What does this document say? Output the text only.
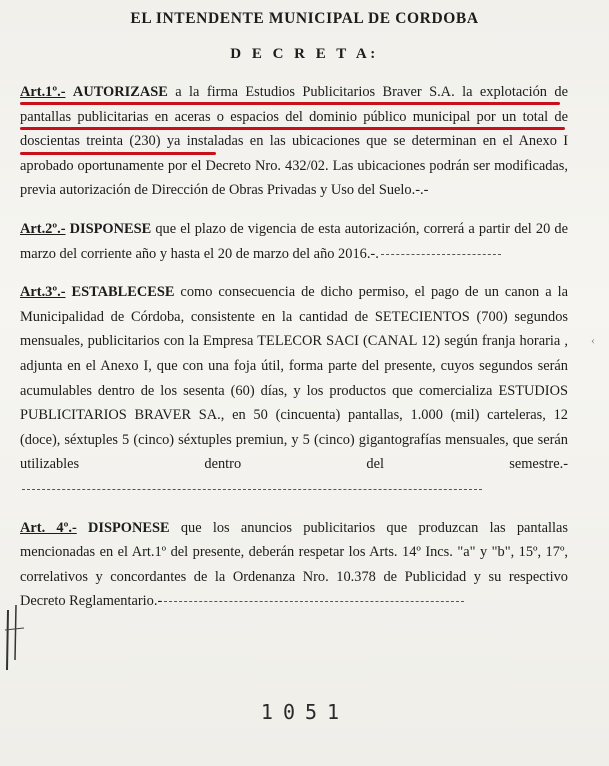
EL INTENDENTE MUNICIPAL DE CORDOBA
D E C R E T A:

Art.1º.- AUTORIZASE a la firma Estudios Publicitarios Braver S.A. la explotación de pantallas publicitarias en aceras o espacios del dominio público municipal por un total de doscientas treinta (230) ya instaladas en las ubicaciones que se determinan en el Anexo I aprobado oportunamente por el Decreto Nro. 432/02. Las ubicaciones podrán ser modificadas, previa autorización de Dirección de Obras Privadas y Uso del Suelo.-.-

Art.2º.- DISPONESE que el plazo de vigencia de esta autorización, correrá a partir del 20 de marzo del corriente año y hasta el 20 de marzo del año 2016.-.

Art.3º.- ESTABLECESE como consecuencia de dicho permiso, el pago de un canon a la Municipalidad de Córdoba, consistente en la cantidad de SETECIENTOS (700) segundos mensuales, publicitarios con la Empresa TELECOR SACI (CANAL 12) según franja horaria , adjunta en el Anexo I, que con una foja útil, forma parte del presente, cuyos segundos serán acumulables dentro de los sesenta (60) días, y los productos que comercializa ESTUDIOS PUBLICITARIOS BRAVER SA., en 50 (cincuenta) pantallas, 1.000 (mil) carteleras, 12 (doce), séxtuples 5 (cinco) séxtuples premiun, y 5 (cinco) gigantografías mensuales, que serán utilizables dentro del semestre.-

Art. 4º.- DISPONESE que los anuncios publicitarios que produzcan las pantallas mencionadas en el Art.1º del presente, deberán respetar los Arts. 14º Incs. "a" y "b", 15º, 17º, correlativos y concordantes de la Ordenanza Nro. 10.378 de Publicidad y su respectivo Decreto Reglamentario.-

‹
1051
